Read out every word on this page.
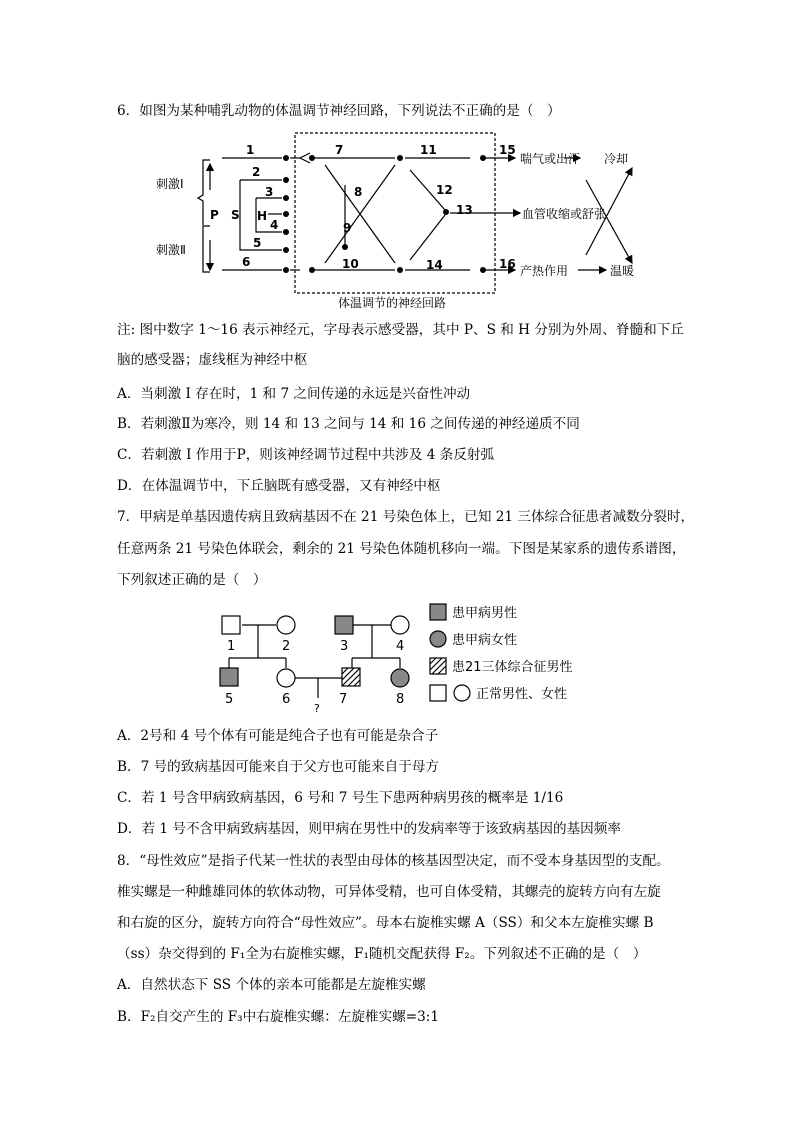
6．如图为某种哺乳动物的体温调节神经回路，下列说法不正确的是（　）
刺激Ⅰ
刺激Ⅱ
P S H
1
2
3
4
5
6
7
8
9
10
11
12
13
14
15
16
喘气或出汗 冷却
血管收缩或舒张
产热作用	温暖
体温调节的神经回路
注: 图中数字 1～16 表示神经元，字母表示感受器，其中 P、S 和 H 分别为外周、脊髓和下丘
脑的感受器；虚线框为神经中枢
A．当刺激 I 存在时，1 和 7 之间传递的永远是兴奋性冲动
B．若刺激Ⅱ为寒冷，则 14 和 13 之间与 14 和 16 之间传递的神经递质不同
C．若刺激 I 作用于P，则该神经调节过程中共涉及 4 条反射弧
D．在体温调节中，下丘脑既有感受器，又有神经中枢
7．甲病是单基因遗传病且致病基因不在 21 号染色体上，已知 21 三体综合征患者减数分裂时，
任意两条 21 号染色体联会，剩余的 21 号染色体随机移向一端。下图是某家系的遗传系谱图，
下列叙述正确的是（　）
1	2	3	4
5	6	7	8
?
患甲病男性
患甲病女性
患21三体综合征男性
正常男性、女性
A．2号和 4 号个体有可能是纯合子也有可能是杂合子
B．7 号的致病基因可能来自于父方也可能来自于母方
C．若 1 号含甲病致病基因，6 号和 7 号生下患两种病男孩的概率是 1/16
D．若 1 号不含甲病致病基因，则甲病在男性中的发病率等于该致病基因的基因频率
8．“母性效应”是指子代某一性状的表型由母体的核基因型决定，而不受本身基因型的支配。
椎实螺是一种雌雄同体的软体动物，可异体受精，也可自体受精，其螺壳的旋转方向有左旋
和右旋的区分，旋转方向符合“母性效应”。母本右旋椎实螺 A（SS）和父本左旋椎实螺 B
（ss）杂交得到的 F₁全为右旋椎实螺，F₁随机交配获得 F₂。下列叙述不正确的是（　）
A．自然状态下 SS 个体的亲本可能都是左旋椎实螺
B．F₂自交产生的 F₃中右旋椎实螺：左旋椎实螺=3:1
